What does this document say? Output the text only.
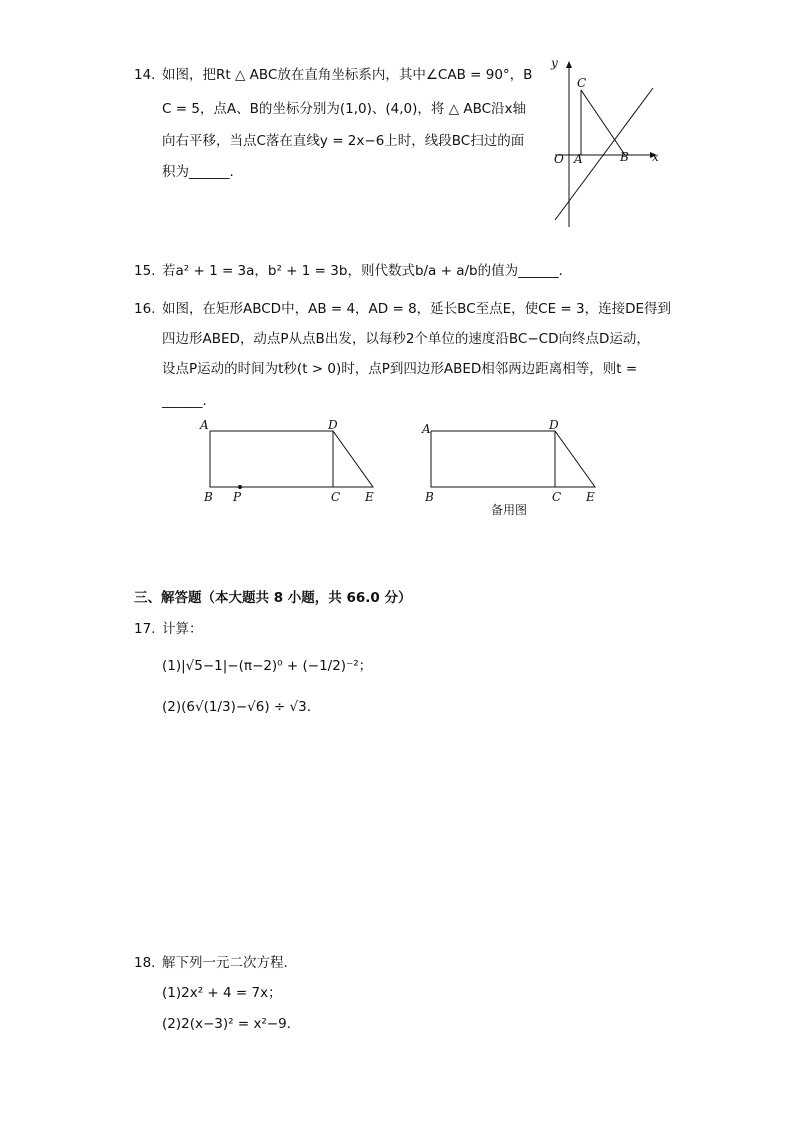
14. 如图，把Rt △ ABC放在直角坐标系内，其中∠CAB = 90°，B
C = 5，点A、B的坐标分别为(1,0)、(4,0)，将 △ ABC沿x轴
向右平移，当点C落在直线y = 2x−6上时，线段BC扫过的面
积为______．
y
x
O A	B
C
15. 若a² + 1 = 3a，b² + 1 = 3b，则代数式b/a + a/b的值为______．
16. 如图，在矩形ABCD中，AB = 4，AD = 8，延长BC至点E，使CE = 3，连接DE得到
四边形ABED，动点P从点B出发，以每秒2个单位的速度沿BC−CD向终点D运动，
设点P运动的时间为t秒(t > 0)时，点P到四边形ABED相邻两边距离相等，则t =
______．
A	D
B P	C E
A	D
B	C E
备用图
三、解答题（本大题共 8 小题，共 66.0 分）
17. 计算：
(1)|√5−1|−(π−2)⁰ + (−1/2)⁻²；
(2)(6√(1/3)−√6) ÷ √3．
18. 解下列一元二次方程．
(1)2x² + 4 = 7x；
(2)2(x−3)² = x²−9．
